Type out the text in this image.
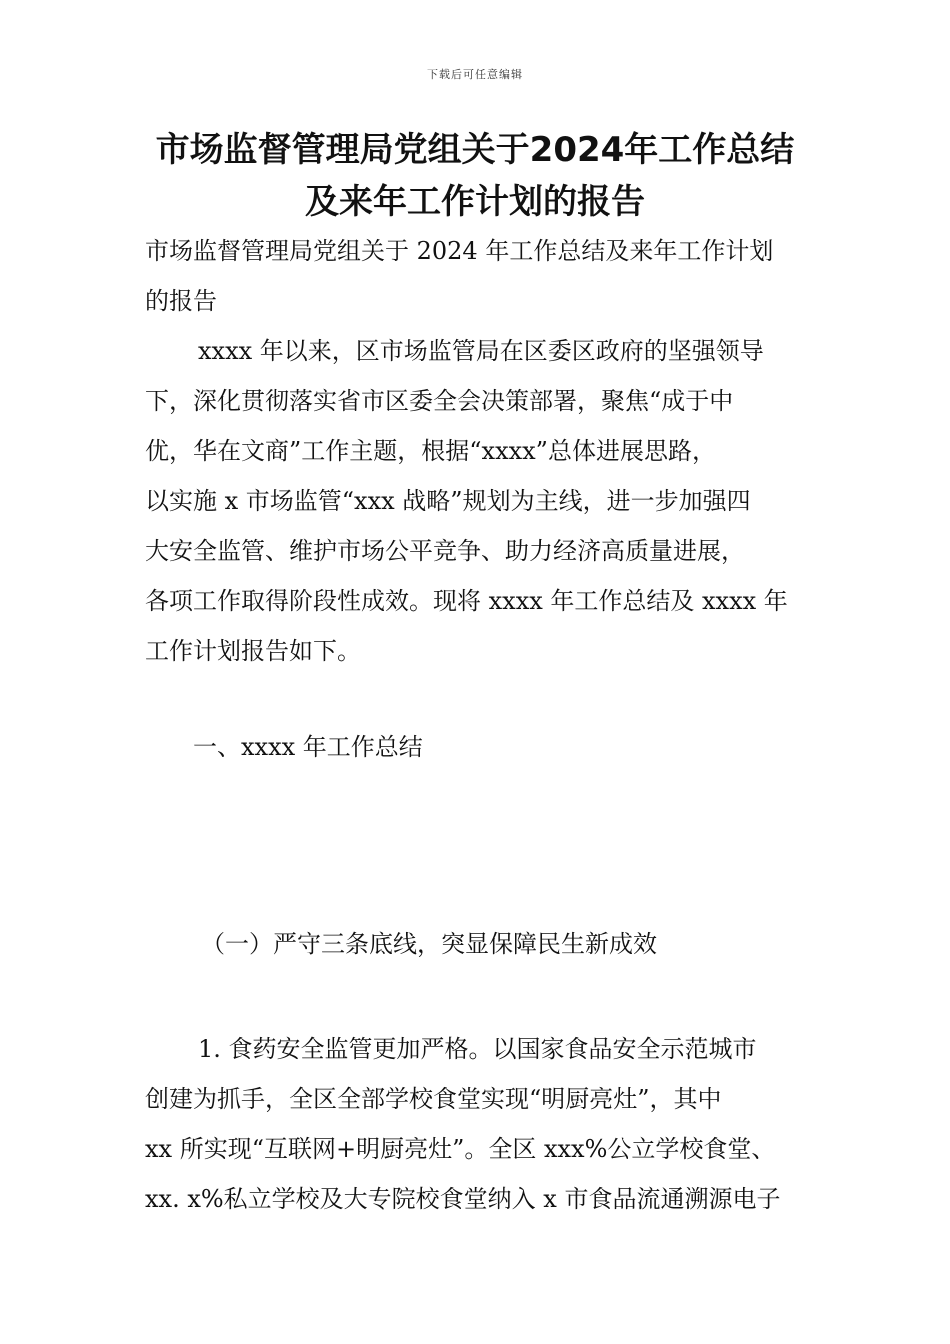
下载后可任意编辑
市场监督管理局党组关于2024年工作总结
及来年工作计划的报告
市场监督管理局党组关于 2024 年工作总结及来年工作计划
的报告
xxxx 年以来，区市场监管局在区委区政府的坚强领导
下，深化贯彻落实省市区委全会决策部署，聚焦“成于中
优，华在文商”工作主题，根据“xxxx”总体进展思路，
以实施 x 市场监管“xxx 战略”规划为主线，进一步加强四
大安全监管、维护市场公平竞争、助力经济高质量进展，
各项工作取得阶段性成效。现将 xxxx 年工作总结及 xxxx 年
工作计划报告如下。
一、xxxx 年工作总结
（一）严守三条底线，突显保障民生新成效
1. 食药安全监管更加严格。以国家食品安全示范城市
创建为抓手，全区全部学校食堂实现“明厨亮灶”，其中
xx 所实现“互联网+明厨亮灶”。全区 xxx%公立学校食堂、
xx. x%私立学校及大专院校食堂纳入 x 市食品流通溯源电子
